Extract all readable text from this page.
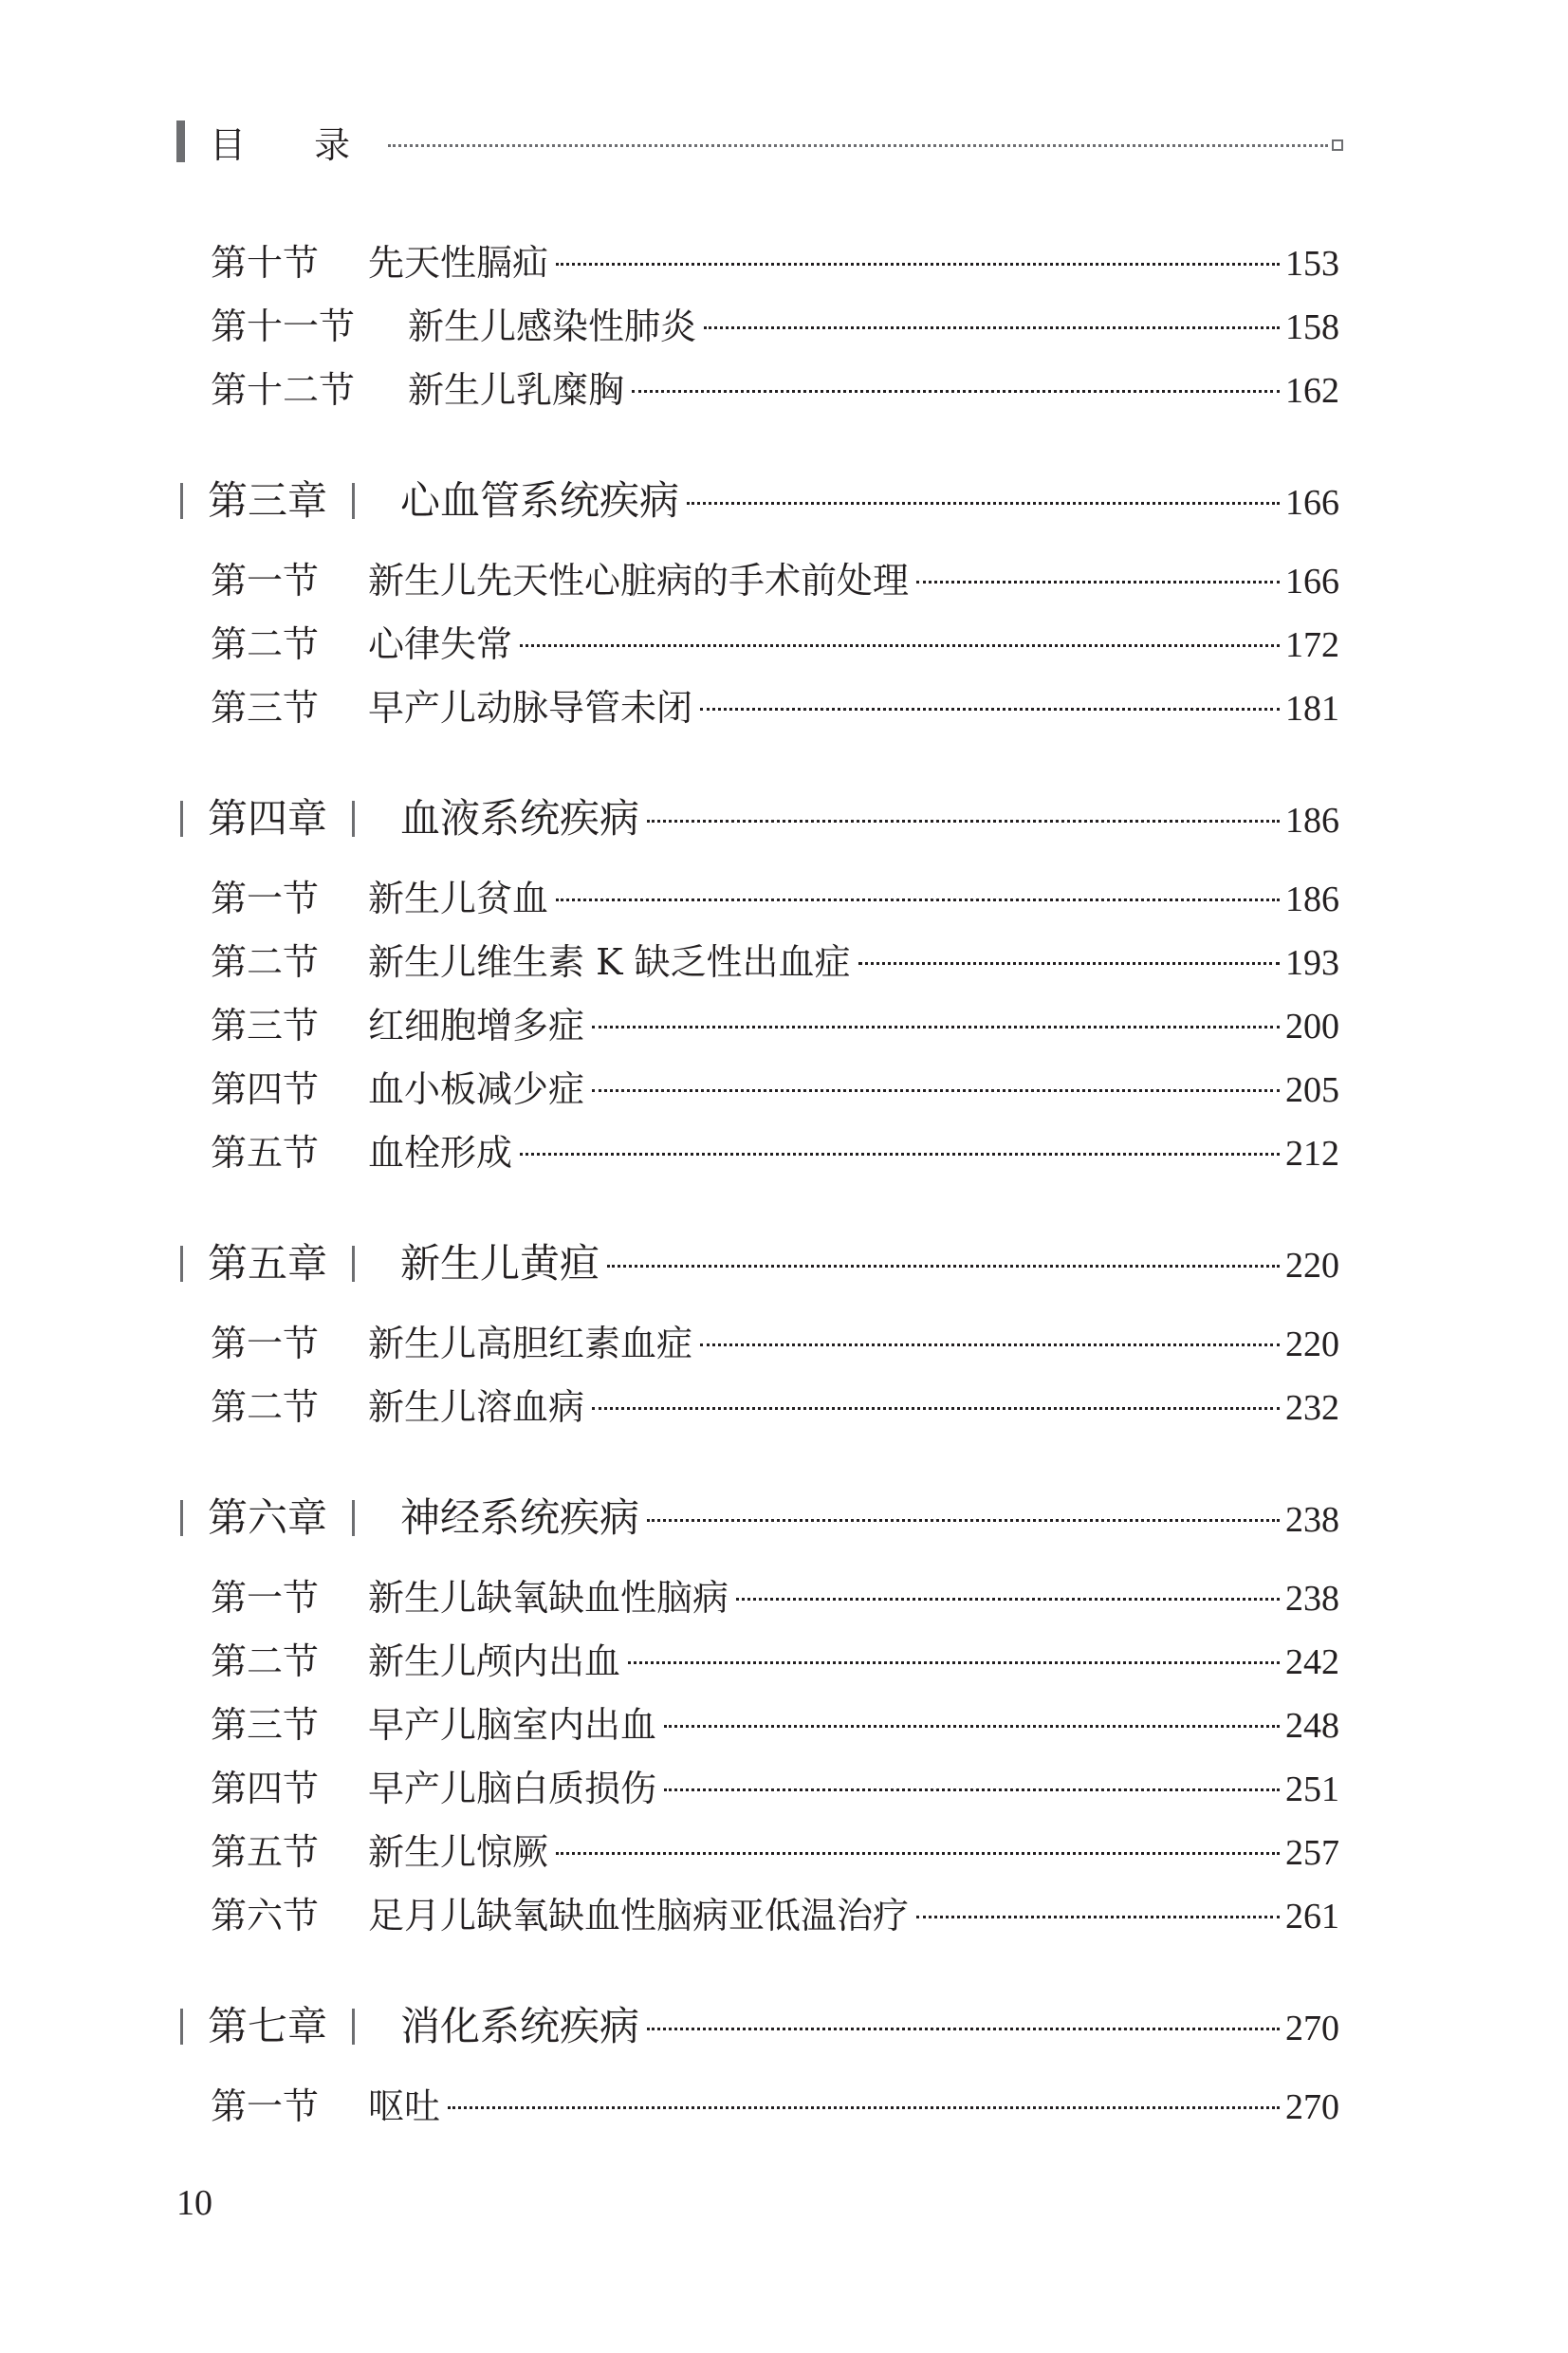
目 录
第十节	先天性膈疝	153
第十一节	新生儿感染性肺炎	158
第十二节	新生儿乳糜胸	162
第三章 心血管系统疾病	166
第一节	新生儿先天性心脏病的手术前处理	166
第二节	心律失常	172
第三节	早产儿动脉导管未闭	181
第四章 血液系统疾病	186
第一节	新生儿贫血	186
第二节	新生儿维生素 K 缺乏性出血症	193
第三节	红细胞增多症	200
第四节	血小板减少症	205
第五节	血栓形成	212
第五章 新生儿黄疸	220
第一节	新生儿高胆红素血症	220
第二节	新生儿溶血病	232
第六章 神经系统疾病	238
第一节	新生儿缺氧缺血性脑病	238
第二节	新生儿颅内出血	242
第三节	早产儿脑室内出血	248
第四节	早产儿脑白质损伤	251
第五节	新生儿惊厥	257
第六节	足月儿缺氧缺血性脑病亚低温治疗	261
第七章 消化系统疾病	270
第一节	呕吐	270
10
